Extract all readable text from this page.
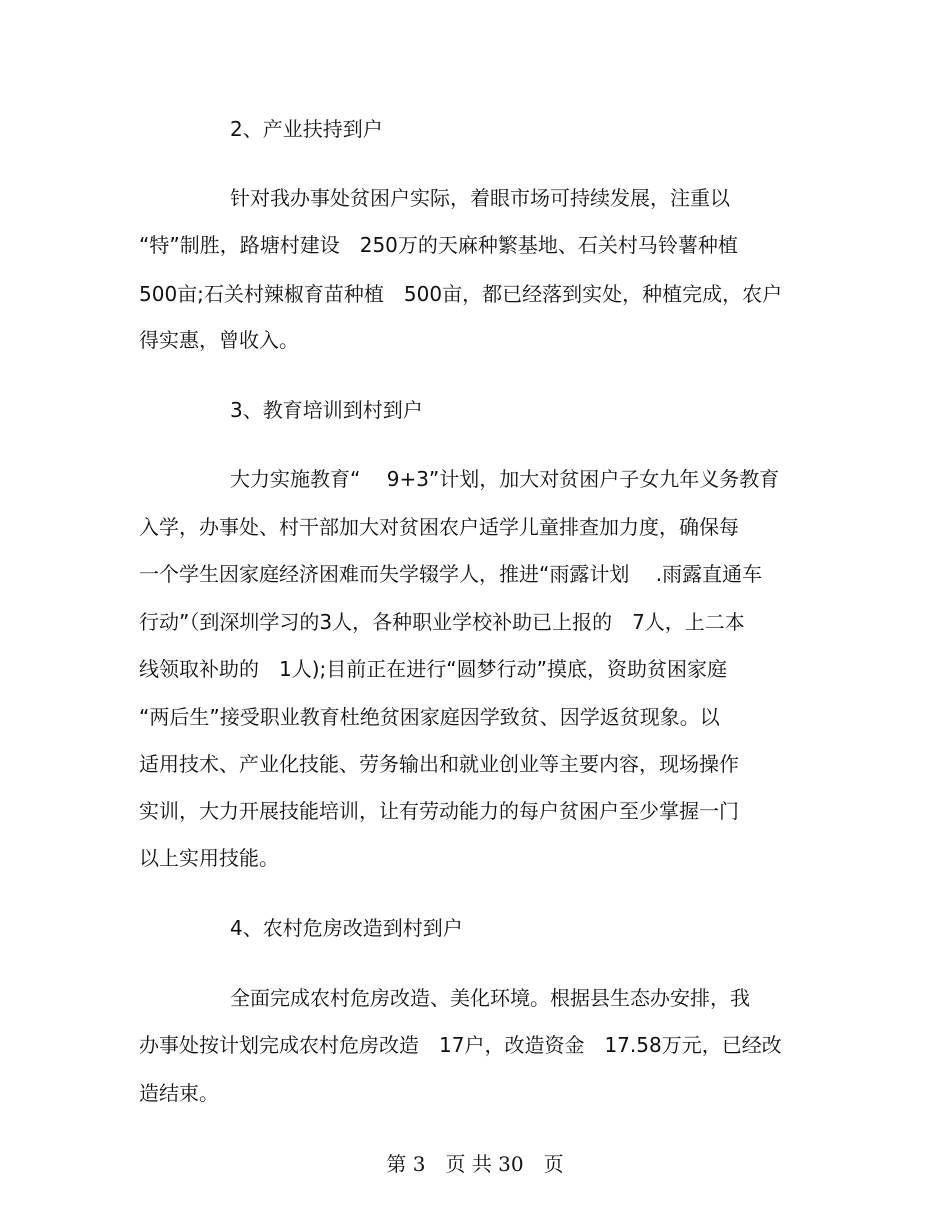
2、产业扶持到户
针对我办事处贫困户实际，着眼市场可持续发展，注重以
“特”制胜，路塘村建设　250万的天麻种繁基地、石关村马铃薯种植
500亩;石关村辣椒育苗种植　500亩，都已经落到实处，种植完成，农户
得实惠，曾收入。
3、教育培训到村到户
大力实施教育“　 9+3”计划，加大对贫困户子女九年义务教育
入学，办事处、村干部加大对贫困农户适学儿童排查加力度，确保每
一个学生因家庭经济困难而失学辍学人，推进“雨露计划　 .雨露直通车
行动”（到深圳学习的3人，各种职业学校补助已上报的　7人，上二本
线领取补助的　1人);目前正在进行“圆梦行动”摸底，资助贫困家庭
“两后生”接受职业教育杜绝贫困家庭因学致贫、因学返贫现象。以
适用技术、产业化技能、劳务输出和就业创业等主要内容，现场操作
实训，大力开展技能培训，让有劳动能力的每户贫困户至少掌握一门
以上实用技能。
4、农村危房改造到村到户
全面完成农村危房改造、美化环境。根据县生态办安排，我
办事处按计划完成农村危房改造　17户，改造资金　17.58万元，已经改
造结束。
第 3　页 共 30　页
